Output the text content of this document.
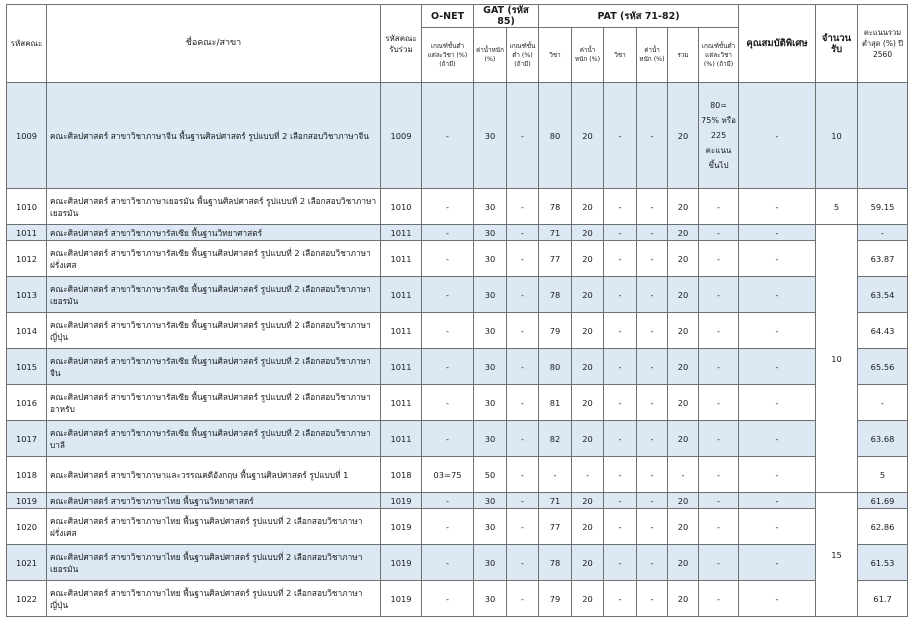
รหัสคณะ	ชื่อคณะ/สาขา	รหัสคณะรับร่วม	O-NET	GAT (รหัส 85)		PAT (รหัส 71-82)						คุณสมบัติพิเศษ	จำนวนรับ	คะแนนรวมต่ำสุด (%) ปี 2560	
			เกณฑ์ขั้นต่ำแต่ละวิชา (%) (ถ้ามี)	ค่าน้ำหนัก (%)	เกณฑ์ขั้นต่ำ (%) (ถ้ามี)	วิชา	ค่าน้ำหนัก (%)	วิชา	ค่าน้ำหนัก (%)	รวม	เกณฑ์ขั้นต่ำแต่ละวิชา (%) (ถ้ามี)				
1009	คณะศิลปศาสตร์ สาขาวิชาภาษาจีน พื้นฐานศิลปศาสตร์ รูปแบบที่ 2 เลือกสอบวิชาภาษาจีน	1009	-	30	-	80	20	-	-	20	80= 75% หรือ 225 คะแนน ขึ้นไป	-	10		
1010	คณะศิลปศาสตร์ สาขาวิชาภาษาเยอรมัน พื้นฐานศิลปศาสตร์ รูปแบบที่ 2 เลือกสอบวิชาภาษาเยอรมัน	1010	-	30	-	78	20	-	-	20	-	-	5	59.15	
1011	คณะศิลปศาสตร์ สาขาวิชาภาษารัสเซีย พื้นฐานวิทยาศาสตร์	1011	-	30	-	71	20	-	-	20	-	-	10	-	
1012	คณะศิลปศาสตร์ สาขาวิชาภาษารัสเซีย พื้นฐานศิลปศาสตร์ รูปแบบที่ 2 เลือกสอบวิชาภาษาฝรั่งเศส	1011	-	30	-	77	20	-	-	20	-	-		63.87	
1013	คณะศิลปศาสตร์ สาขาวิชาภาษารัสเซีย พื้นฐานศิลปศาสตร์ รูปแบบที่ 2 เลือกสอบวิชาภาษาเยอรมัน	1011	-	30	-	78	20	-	-	20	-	-		63.54	
1014	คณะศิลปศาสตร์ สาขาวิชาภาษารัสเซีย พื้นฐานศิลปศาสตร์ รูปแบบที่ 2 เลือกสอบวิชาภาษาญี่ปุ่น	1011	-	30	-	79	20	-	-	20	-	-		64.43	
1015	คณะศิลปศาสตร์ สาขาวิชาภาษารัสเซีย พื้นฐานศิลปศาสตร์ รูปแบบที่ 2 เลือกสอบวิชาภาษาจีน	1011	-	30	-	80	20	-	-	20	-	-		65.56	
1016	คณะศิลปศาสตร์ สาขาวิชาภาษารัสเซีย พื้นฐานศิลปศาสตร์ รูปแบบที่ 2 เลือกสอบวิชาภาษาอาหรับ	1011	-	30	-	81	20	-	-	20	-	-		-	
1017	คณะศิลปศาสตร์ สาขาวิชาภาษารัสเซีย พื้นฐานศิลปศาสตร์ รูปแบบที่ 2 เลือกสอบวิชาภาษาบาลี	1011	-	30	-	82	20	-	-	20	-	-		63.68	
1018	คณะศิลปศาสตร์ สาขาวิชาภาษาและวรรณคดีอังกฤษ พื้นฐานศิลปศาสตร์ รูปแบบที่ 1	1018	03=75	50	-	-	-	-	-	-	-	-		5	
1019	คณะศิลปศาสตร์ สาขาวิชาภาษาไทย พื้นฐานวิทยาศาสตร์	1019	-	30	-	71	20	-	-	20	-	-	15	61.69	
1020	คณะศิลปศาสตร์ สาขาวิชาภาษาไทย พื้นฐานศิลปศาสตร์ รูปแบบที่ 2 เลือกสอบวิชาภาษาฝรั่งเศส	1019	-	30	-	77	20	-	-	20	-	-		62.86	
1021	คณะศิลปศาสตร์ สาขาวิชาภาษาไทย พื้นฐานศิลปศาสตร์ รูปแบบที่ 2 เลือกสอบวิชาภาษาเยอรมัน	1019	-	30	-	78	20	-	-	20	-	-		61.53	
1022	คณะศิลปศาสตร์ สาขาวิชาภาษาไทย พื้นฐานศิลปศาสตร์ รูปแบบที่ 2 เลือกสอบวิชาภาษาญี่ปุ่น	1019	-	30	-	79	20	-	-	20	-	-		61.7	
